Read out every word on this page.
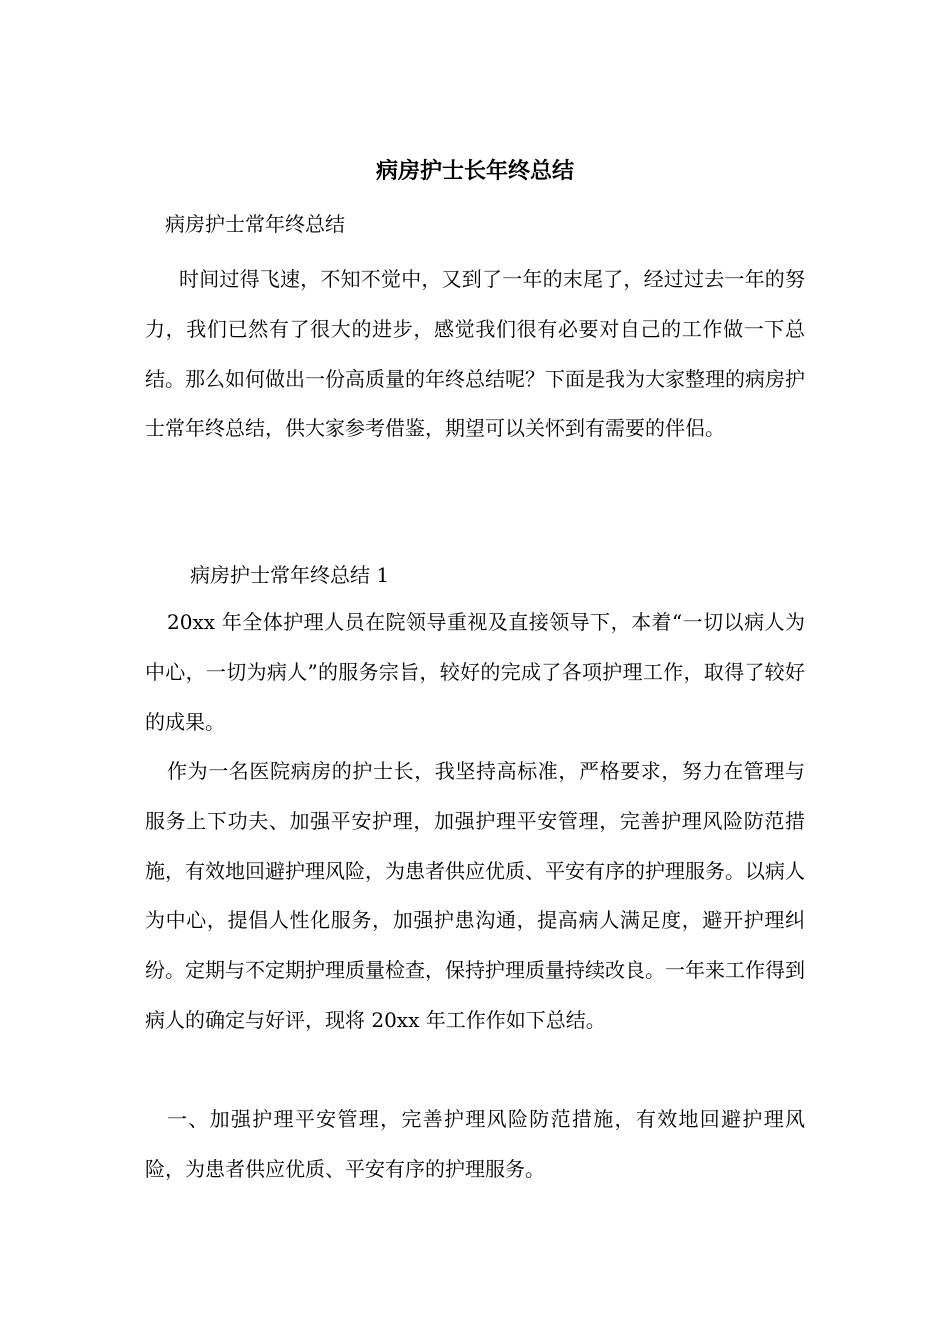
病房护士长年终总结

病房护士常年终总结

时间过得飞速，不知不觉中，又到了一年的末尾了，经过过去一年的努力，我们已然有了很大的进步，感觉我们很有必要对自己的工作做一下总结。那么如何做出一份高质量的年终总结呢？下面是我为大家整理的病房护士常年终总结，供大家参考借鉴，期望可以关怀到有需要的伴侣。

病房护士常年终总结 1

20xx 年全体护理人员在院领导重视及直接领导下，本着“一切以病人为中心，一切为病人”的服务宗旨，较好的完成了各项护理工作，取得了较好的成果。

作为一名医院病房的护士长，我坚持高标准，严格要求，努力在管理与服务上下功夫、加强平安护理，加强护理平安管理，完善护理风险防范措施，有效地回避护理风险，为患者供应优质、平安有序的护理服务。以病人为中心，提倡人性化服务，加强护患沟通，提高病人满足度，避开护理纠纷。定期与不定期护理质量检查，保持护理质量持续改良。一年来工作得到病人的确定与好评，现将 20xx 年工作作如下总结。

一、加强护理平安管理，完善护理风险防范措施，有效地回避护理风险，为患者供应优质、平安有序的护理服务。
